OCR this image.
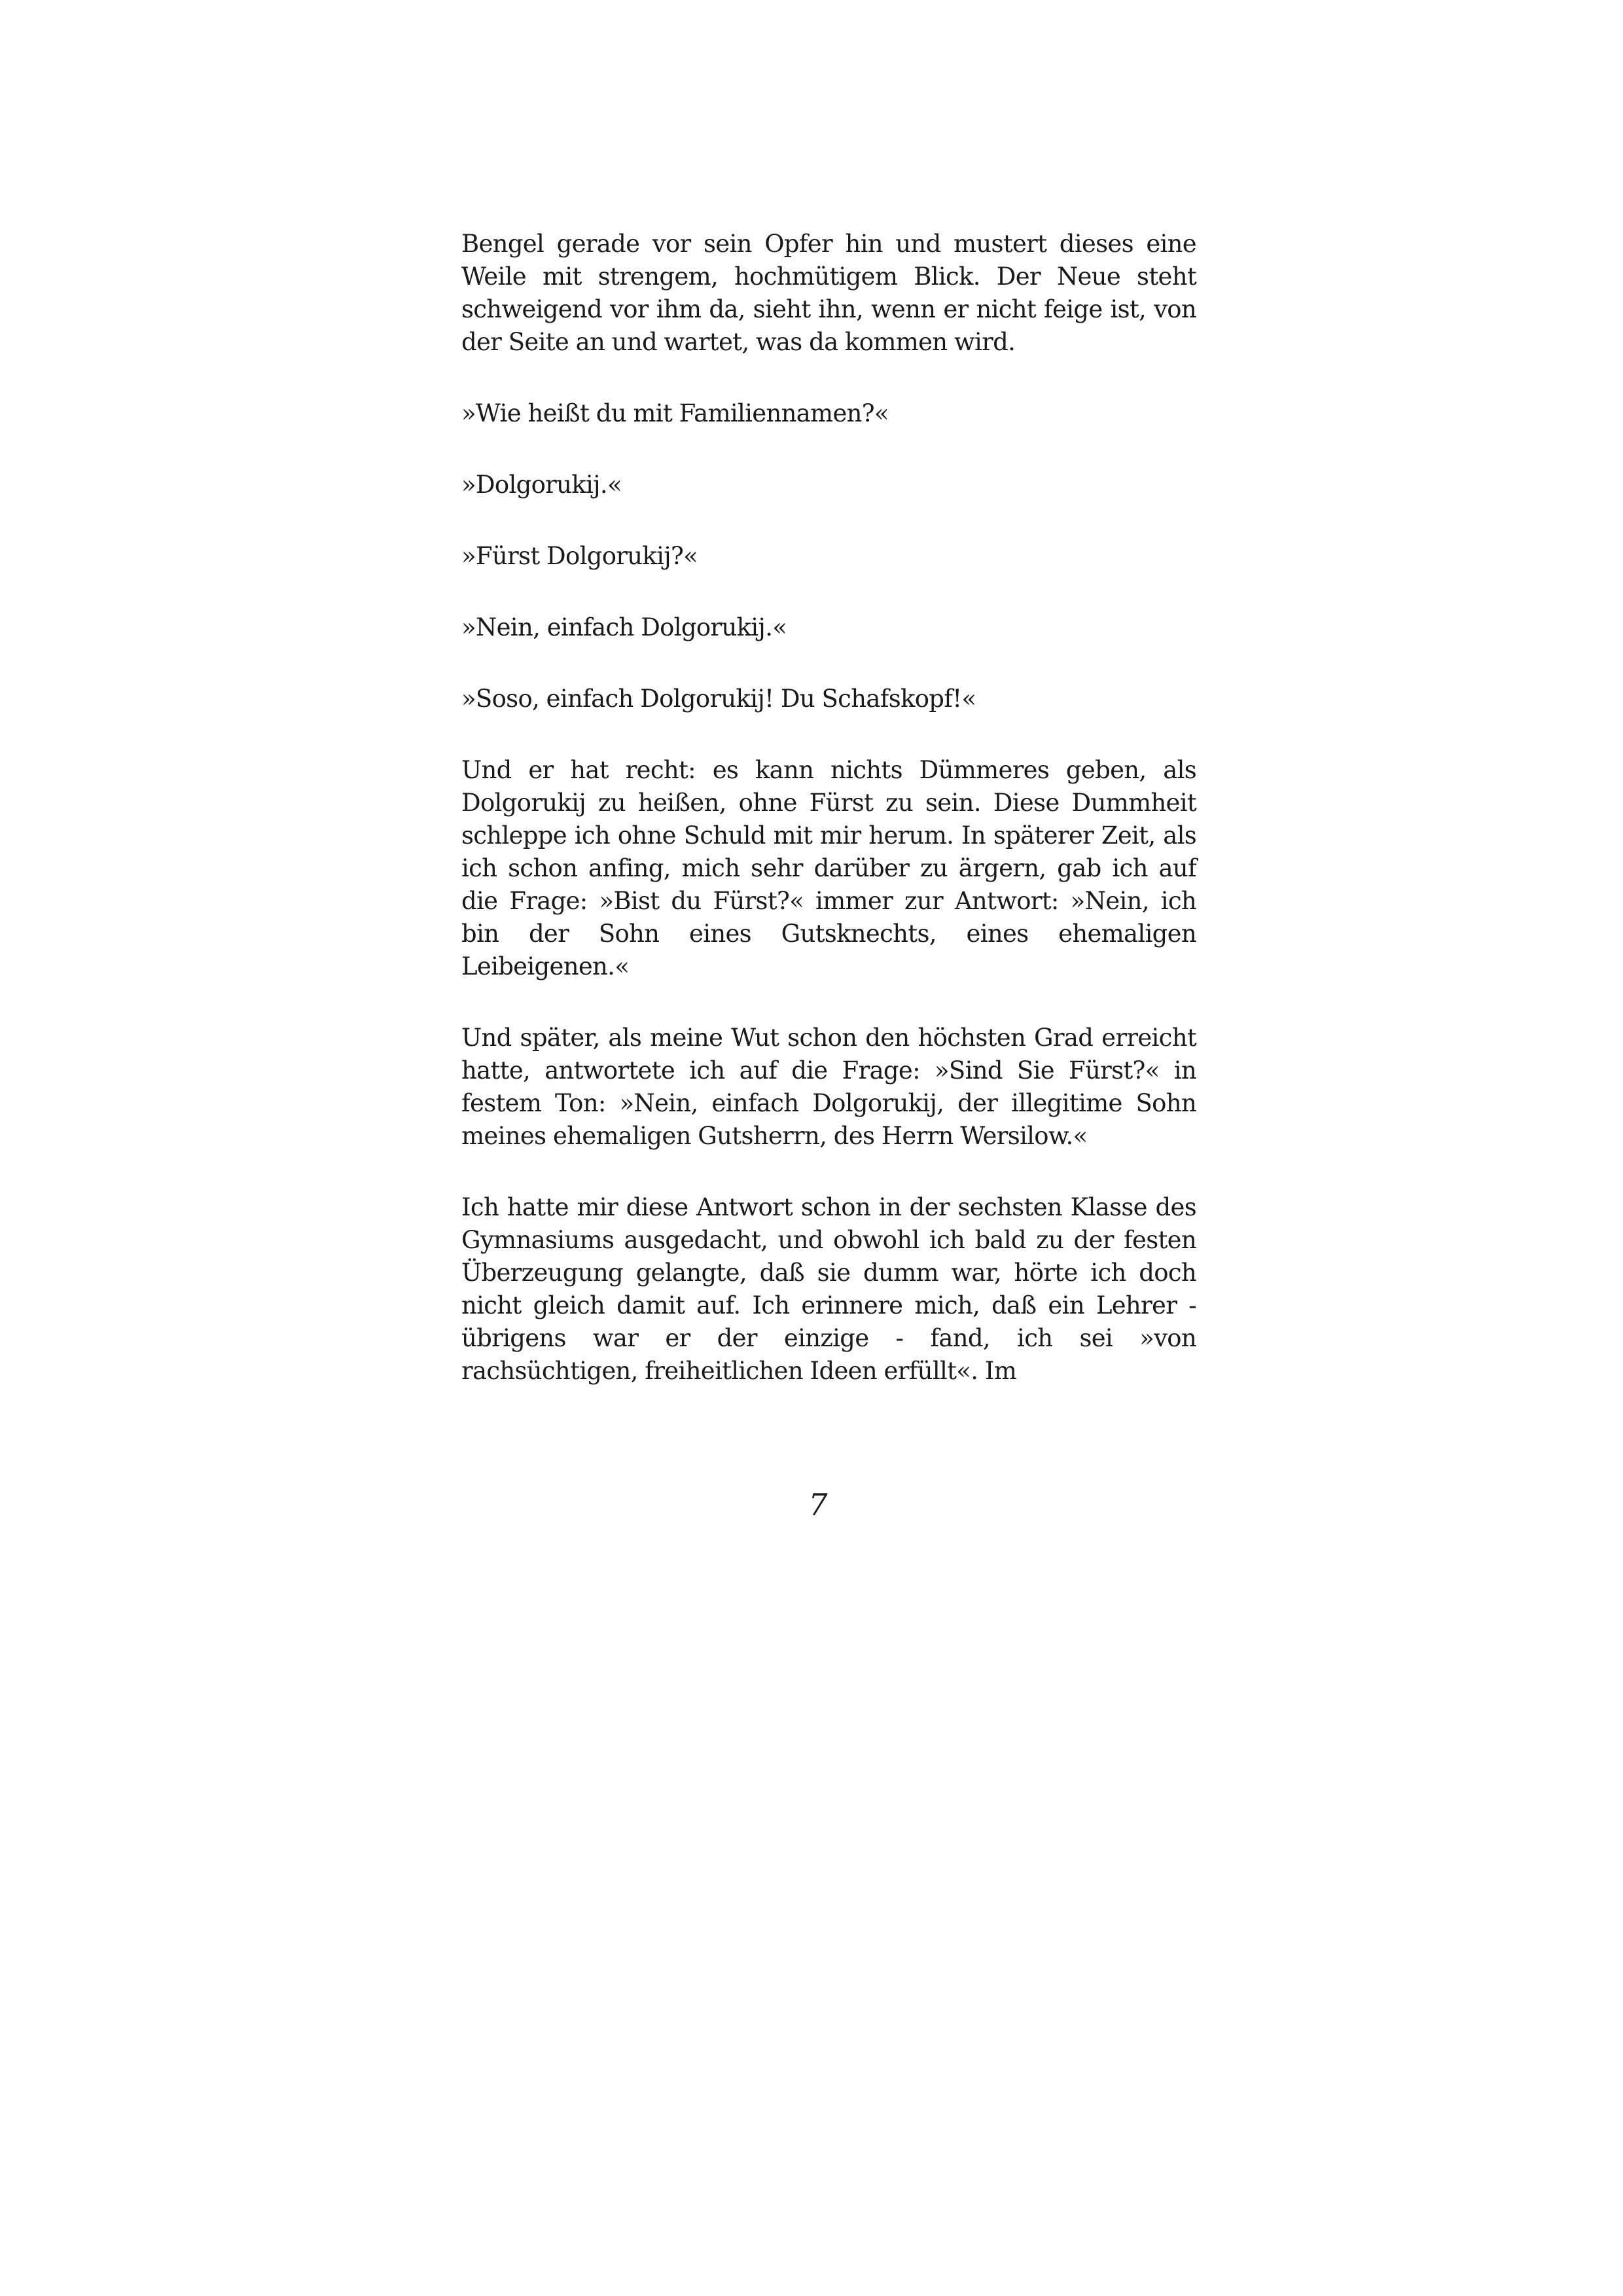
Bengel gerade vor sein Opfer hin und mustert dieses eine Weile mit strengem, hochmütigem Blick. Der Neue steht schweigend vor ihm da, sieht ihn, wenn er nicht feige ist, von der Seite an und wartet, was da kommen wird.

»Wie heißt du mit Familiennamen?«

»Dolgorukij.«

»Fürst Dolgorukij?«

»Nein, einfach Dolgorukij.«

»Soso, einfach Dolgorukij! Du Schafskopf!«

Und er hat recht: es kann nichts Dümmeres geben, als Dolgorukij zu heißen, ohne Fürst zu sein. Diese Dummheit schleppe ich ohne Schuld mit mir herum. In späterer Zeit, als ich schon anfing, mich sehr darüber zu ärgern, gab ich auf die Frage: »Bist du Fürst?« immer zur Antwort: »Nein, ich bin der Sohn eines Gutsknechts, eines ehemaligen Leibeigenen.«

Und später, als meine Wut schon den höchsten Grad erreicht hatte, antwortete ich auf die Frage: »Sind Sie Fürst?« in festem Ton: »Nein, einfach Dolgorukij, der illegitime Sohn meines ehemaligen Gutsherrn, des Herrn Wersilow.«

Ich hatte mir diese Antwort schon in der sechsten Klasse des Gymnasiums ausgedacht, und obwohl ich bald zu der festen Überzeugung gelangte, daß sie dumm war, hörte ich doch nicht gleich damit auf. Ich erinnere mich, daß ein Lehrer - übrigens war er der einzige - fand, ich sei »von rachsüchtigen, freiheitlichen Ideen erfüllt«. Im

7
